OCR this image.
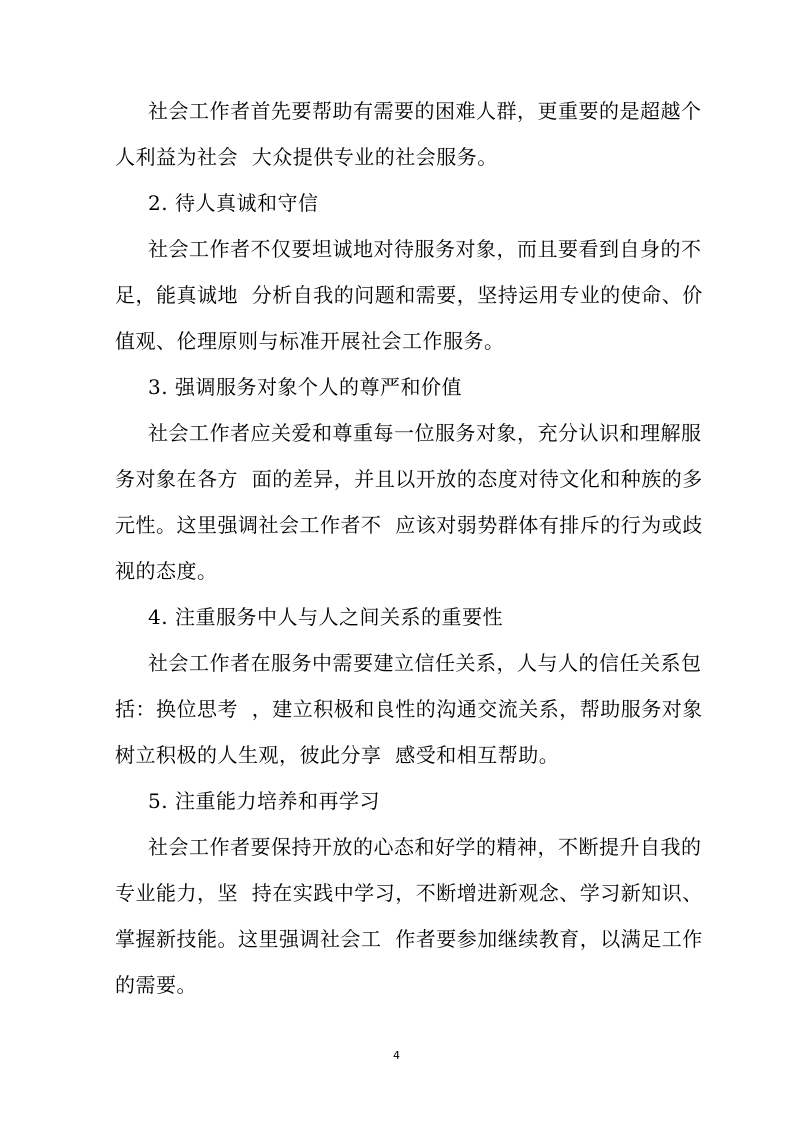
社会工作者首先要帮助有需要的困难人群，更重要的是超越个
人利益为社会  大众提供专业的社会服务。
2. 待人真诚和守信
社会工作者不仅要坦诚地对待服务对象，而且要看到自身的不
足，能真诚地  分析自我的问题和需要，坚持运用专业的使命、价
值观、伦理原则与标准开展社会工作服务。
3. 强调服务对象个人的尊严和价值
社会工作者应关爱和尊重每一位服务对象，充分认识和理解服
务对象在各方  面的差异，并且以开放的态度对待文化和种族的多
元性。这里强调社会工作者不  应该对弱势群体有排斥的行为或歧
视的态度。
4. 注重服务中人与人之间关系的重要性
社会工作者在服务中需要建立信任关系，人与人的信任关系包
括：换位思考  ，建立积极和良性的沟通交流关系，帮助服务对象
树立积极的人生观，彼此分享  感受和相互帮助。
5. 注重能力培养和再学习
社会工作者要保持开放的心态和好学的精神，不断提升自我的
专业能力，坚  持在实践中学习，不断增进新观念、学习新知识、
掌握新技能。这里强调社会工  作者要参加继续教育，以满足工作
的需要。
4
